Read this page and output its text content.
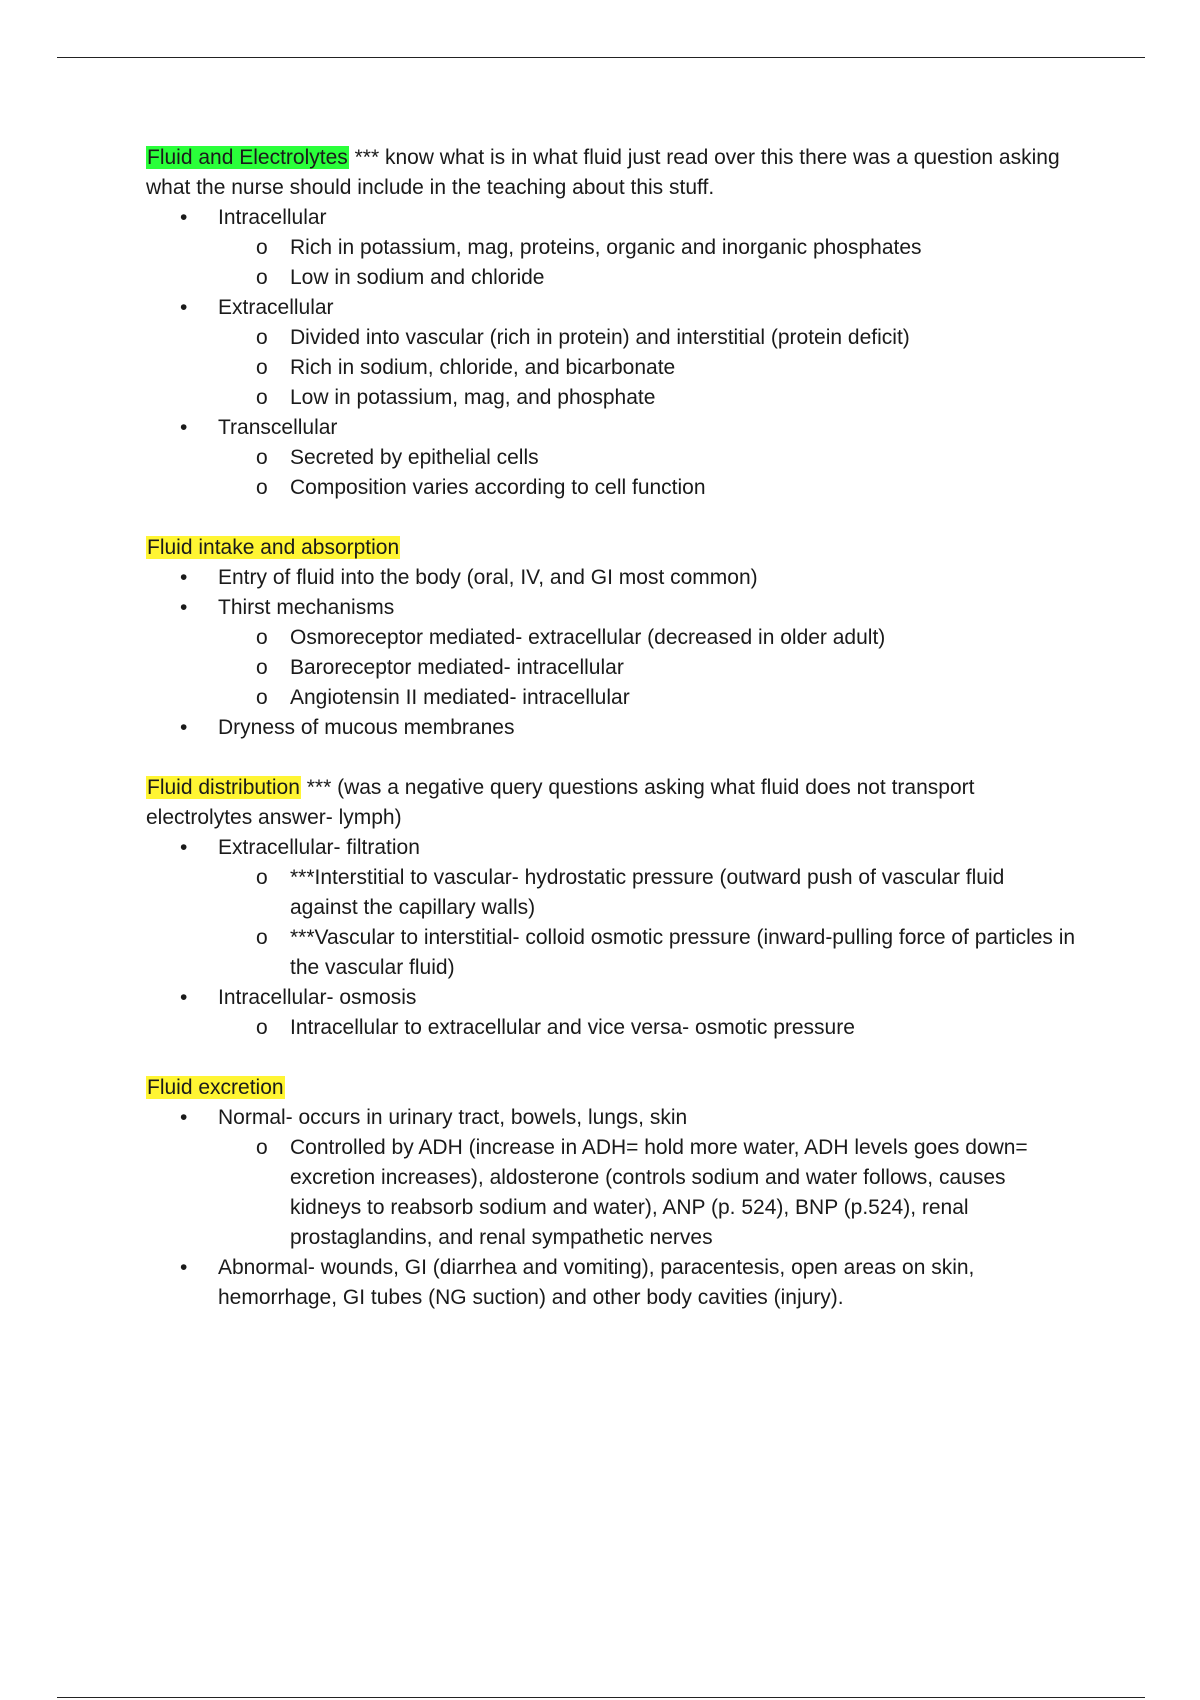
Fluid and Electrolytes *** know what is in what fluid just read over this there was a question asking what the nurse should include in the teaching about this stuff.
• Intracellular
o Rich in potassium, mag, proteins, organic and inorganic phosphates
o Low in sodium and chloride
• Extracellular
o Divided into vascular (rich in protein) and interstitial (protein deficit)
o Rich in sodium, chloride, and bicarbonate
o Low in potassium, mag, and phosphate
• Transcellular
o Secreted by epithelial cells
o Composition varies according to cell function
Fluid intake and absorption
• Entry of fluid into the body (oral, IV, and GI most common)
• Thirst mechanisms
o Osmoreceptor mediated- extracellular (decreased in older adult)
o Baroreceptor mediated- intracellular
o Angiotensin II mediated- intracellular
• Dryness of mucous membranes
Fluid distribution *** (was a negative query questions asking what fluid does not transport electrolytes answer- lymph)
• Extracellular- filtration
o ***Interstitial to vascular- hydrostatic pressure (outward push of vascular fluid against the capillary walls)
o ***Vascular to interstitial- colloid osmotic pressure (inward-pulling force of particles in the vascular fluid)
• Intracellular- osmosis
o Intracellular to extracellular and vice versa- osmotic pressure
Fluid excretion
• Normal- occurs in urinary tract, bowels, lungs, skin
o Controlled by ADH (increase in ADH= hold more water, ADH levels goes down= excretion increases), aldosterone (controls sodium and water follows, causes kidneys to reabsorb sodium and water), ANP (p. 524), BNP (p.524), renal prostaglandins, and renal sympathetic nerves
• Abnormal- wounds, GI (diarrhea and vomiting), paracentesis, open areas on skin, hemorrhage, GI tubes (NG suction) and other body cavities (injury).
